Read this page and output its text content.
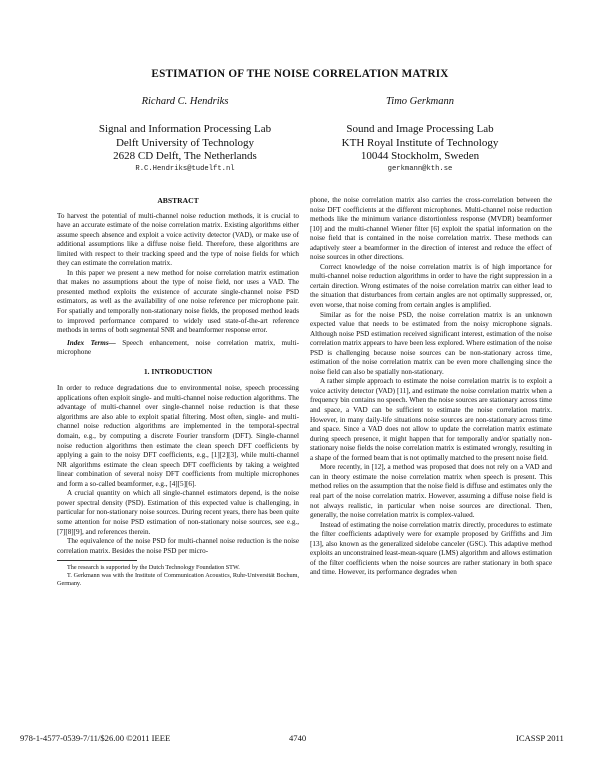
ESTIMATION OF THE NOISE CORRELATION MATRIX
Richard C. Hendriks	Timo Gerkmann
Signal and Information Processing Lab
Delft University of Technology
2628 CD Delft, The Netherlands
Sound and Image Processing Lab
KTH Royal Institute of Technology
10044 Stockholm, Sweden
R.C.Hendriks@tudelft.nl	gerkmann@kth.se

ABSTRACT

To harvest the potential of multi-channel noise reduction methods, it is crucial to have an accurate estimate of the noise correlation matrix. Existing algorithms either assume speech absence and exploit a voice activity detector (VAD), or make use of additional assumptions like a diffuse noise field. Therefore, these algorithms are limited with respect to their tracking speed and the type of noise fields for which they can estimate the correlation matrix.

In this paper we present a new method for noise correlation matrix estimation that makes no assumptions about the type of noise field, nor uses a VAD. The presented method exploits the existence of accurate single-channel noise PSD estimators, as well as the availability of one noise reference per microphone pair. For spatially and temporally non-stationary noise fields, the proposed method leads to improved performance compared to widely used state-of-the-art reference methods in terms of both segmental SNR and beamformer response error.

Index Terms— Speech enhancement, noise correlation matrix, multi-microphone

1. INTRODUCTION

In order to reduce degradations due to environmental noise, speech processing applications often exploit single- and multi-channel noise reduction algorithms. The advantage of multi-channel over single-channel noise reduction is that these algorithms are also able to exploit spatial filtering. Most often, single- and multi-channel noise reduction algorithms are implemented in the temporal-spectral domain, e.g., by computing a discrete Fourier transform (DFT). Single-channel noise reduction algorithms then estimate the clean speech DFT coefficients by applying a gain to the noisy DFT coefficients, e.g., [1][2][3], while multi-channel NR algorithms estimate the clean speech DFT coefficients by taking a weighted linear combination of several noisy DFT coefficients from multiple microphones and form a so-called beamformer, e.g., [4][5][6].

A crucial quantity on which all single-channel estimators depend, is the noise power spectral density (PSD). Estimation of this expected value is challenging, in particular for non-stationary noise sources. During recent years, there has been quite some attention for noise PSD estimation of non-stationary noise sources, see e.g., [7][8][9], and references therein.

The equivalence of the noise PSD for multi-channel noise reduction is the noise correlation matrix. Besides the noise PSD per micro-

The research is supported by the Dutch Technology Foundation STW.

T. Gerkmann was with the Institute of Communication Acoustics, Ruhr-Universität Bochum, Germany.

phone, the noise correlation matrix also carries the cross-correlation between the noise DFT coefficients at the different microphones. Multi-channel noise reduction methods like the minimum variance distortionless response (MVDR) beamformer [10] and the multi-channel Wiener filter [6] exploit the spatial information on the noise field that is contained in the noise correlation matrix. These methods can adaptively steer a beamformer in the direction of interest and reduce the effect of noise sources in other directions.

Correct knowledge of the noise correlation matrix is of high importance for multi-channel noise reduction algorithms in order to have the right suppression in a certain direction. Wrong estimates of the noise correlation matrix can either lead to the situation that disturbances from certain angles are not optimally suppressed, or, even worse, that noise coming from certain angles is amplified.

Similar as for the noise PSD, the noise correlation matrix is an unknown expected value that needs to be estimated from the noisy microphone signals. Although noise PSD estimation received significant interest, estimation of the noise correlation matrix appears to have been less explored. Where estimation of the noise PSD is challenging because noise sources can be non-stationary across time, estimation of the noise correlation matrix can be even more challenging since the noise field can also be spatially non-stationary.

A rather simple approach to estimate the noise correlation matrix is to exploit a voice activity detector (VAD) [11], and estimate the noise correlation matrix when a frequency bin contains no speech. When the noise sources are stationary across time and space, a VAD can be sufficient to estimate the noise correlation matrix. However, in many daily-life situations noise sources are non-stationary across time and space. Since a VAD does not allow to update the correlation matrix estimate during speech presence, it might happen that for temporally and/or spatially non-stationary noise fields the noise correlation matrix is estimated wrongly, resulting in a shape of the formed beam that is not optimally matched to the present noise field.

More recently, in [12], a method was proposed that does not rely on a VAD and can in theory estimate the noise correlation matrix when speech is present. This method relies on the assumption that the noise field is diffuse and estimates only the real part of the noise correlation matrix. However, assuming a diffuse noise field is not always realistic, in particular when noise sources are directional. Then, generally, the noise correlation matrix is complex-valued.

Instead of estimating the noise correlation matrix directly, procedures to estimate the filter coefficients adaptively were for example proposed by Griffiths and Jim [13], also known as the generalized sidelobe canceler (GSC). This adaptive method exploits an unconstrained least-mean-square (LMS) algorithm and allows estimation of the filter coefficients when the noise sources are rather stationary in both space and time. However, its performance degrades when

978-1-4577-0539-7/11/$26.00 ©2011 IEEE	4740	ICASSP 2011
